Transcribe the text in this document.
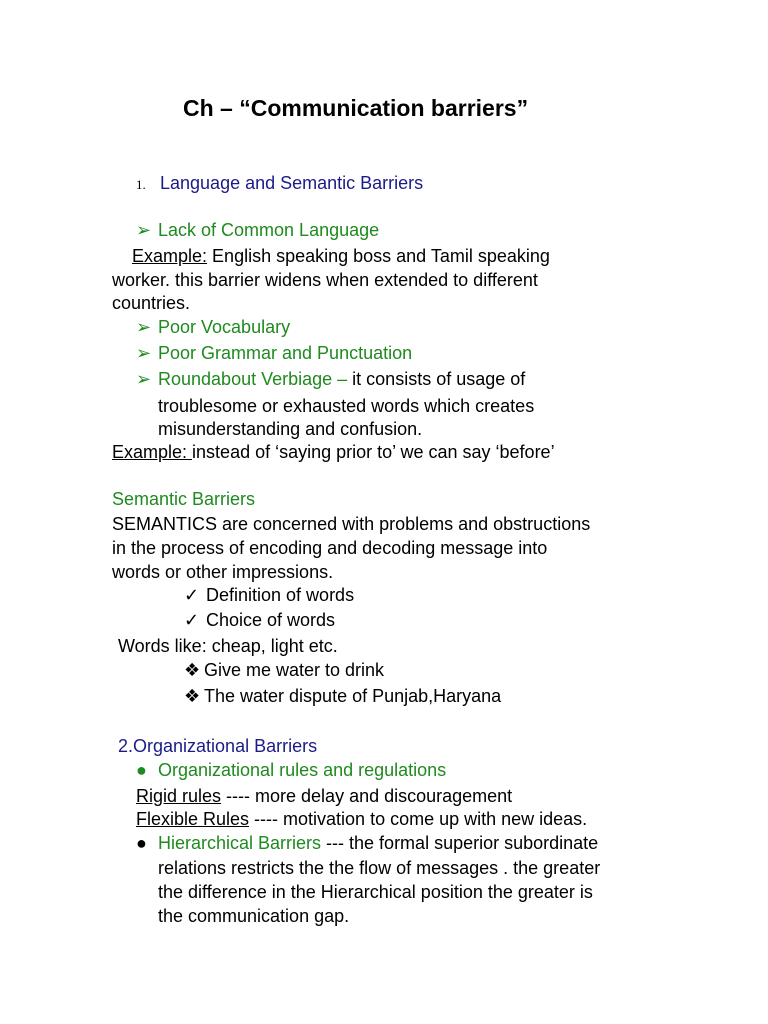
Ch – “Communication barriers”
1. Language and Semantic Barriers
➢ Lack of Common Language
Example: English speaking boss and Tamil speaking
worker. this barrier widens when extended to different
countries.
➢ Poor Vocabulary
➢ Poor Grammar and Punctuation
➢ Roundabout Verbiage – it consists of usage of
troublesome or exhausted words which creates
misunderstanding and confusion.
Example: instead of ‘saying prior to’ we can say ‘before’
Semantic Barriers
SEMANTICS are concerned with problems and obstructions
in the process of encoding and decoding message into
words or other impressions.
✓ Definition of words
✓ Choice of words
Words like: cheap, light etc.
❖ Give me water to drink
❖ The water dispute of Punjab,Haryana
2.Organizational Barriers
● Organizational rules and regulations
Rigid rules ---- more delay and discouragement
Flexible Rules ---- motivation to come up with new ideas.
● Hierarchical Barriers --- the formal superior subordinate
relations restricts the the flow of messages . the greater
the difference in the Hierarchical position the greater is
the communication gap.
